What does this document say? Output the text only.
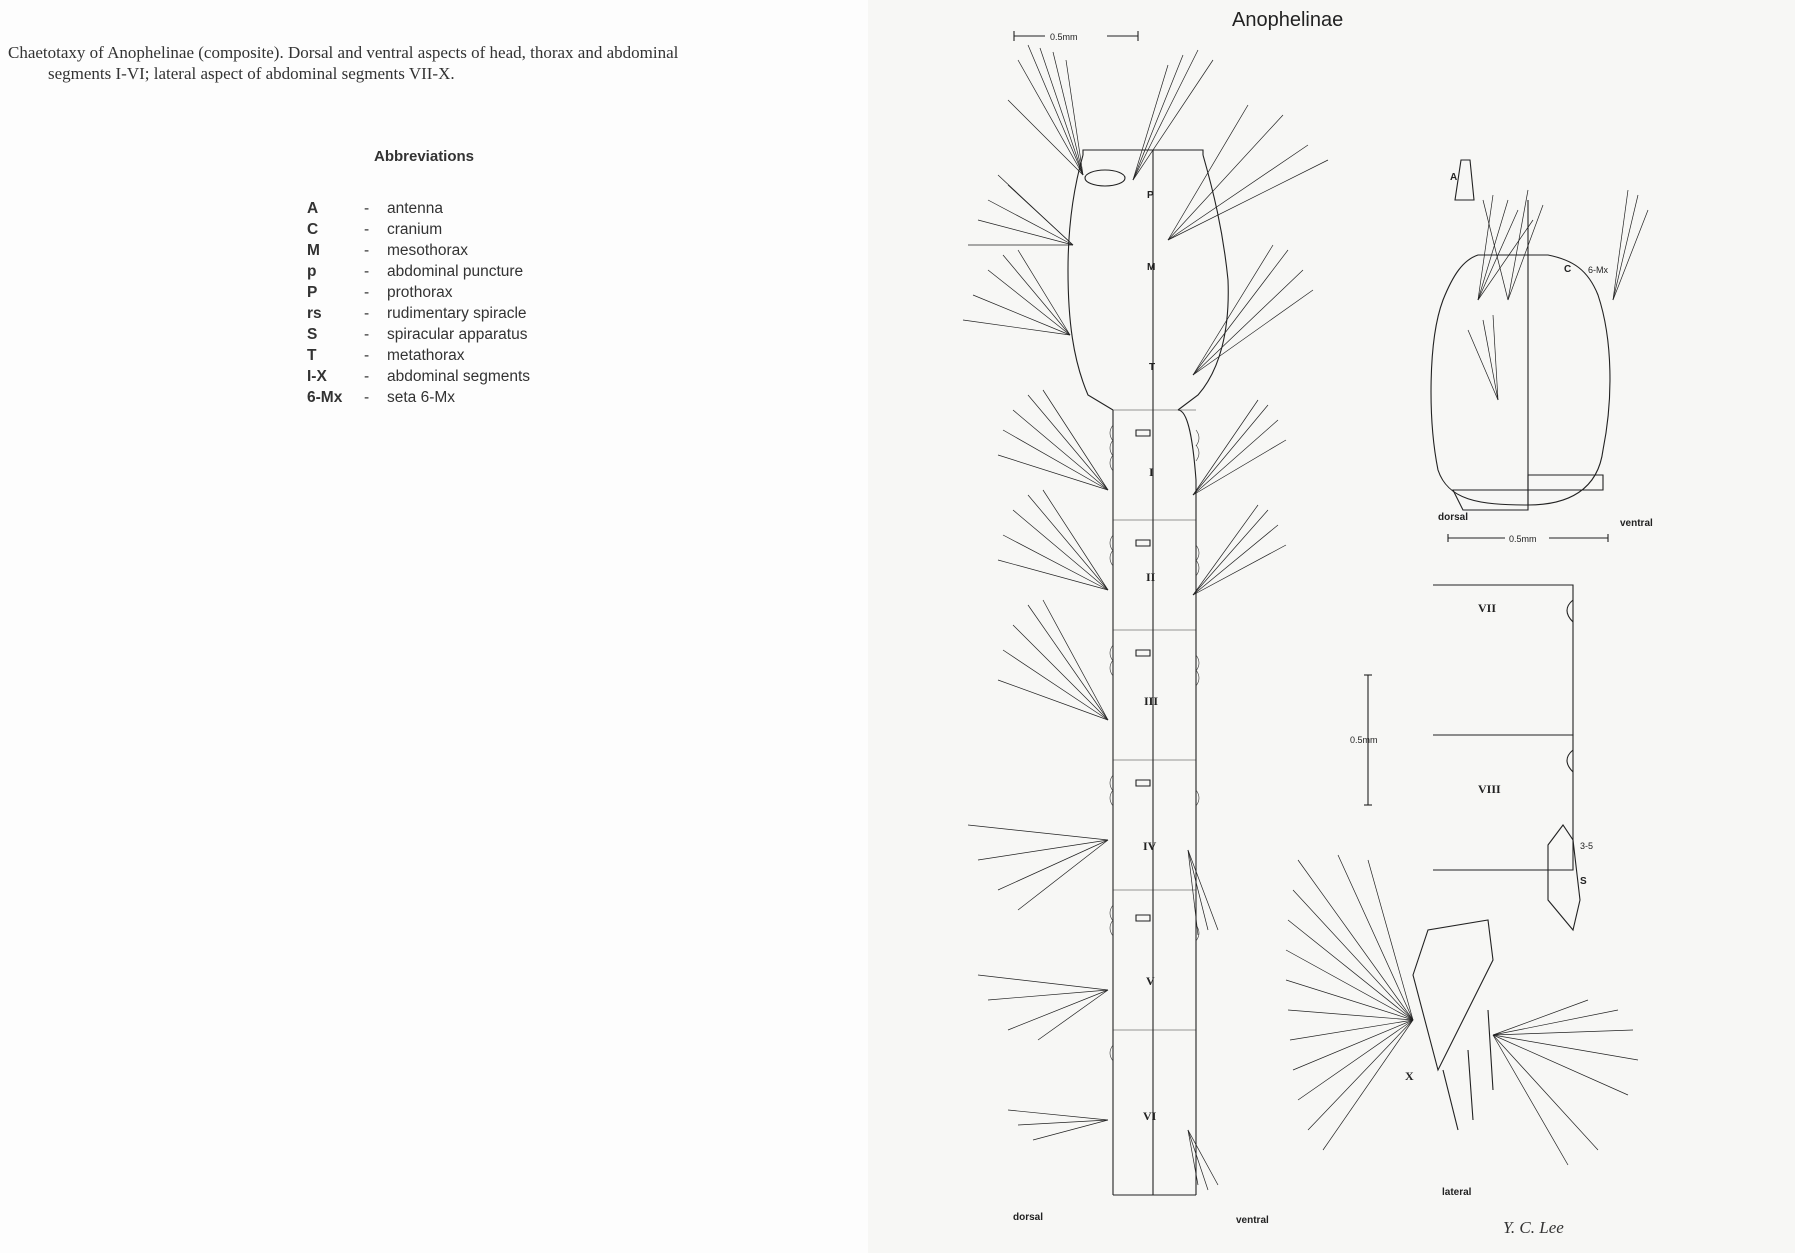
Chaetotaxy of Anophelinae (composite). Dorsal and ventral aspects of head, thorax and abdominal
segments I-VI; lateral aspect of abdominal segments VII-X.
Abbreviations
A	- antenna
C	- cranium
M	- mesothorax
p	- abdominal puncture
P	- prothorax
rs	- rudimentary spiracle
S	- spiracular apparatus
T	- metathorax
I-X	- abdominal segments
6-Mx	- seta 6-Mx
Anophelinae
0.5mm
P
M
T
I
II
III
IV
V
VI
dorsal	ventral
A
C 6-Mx
dorsal
ventral
0.5mm
VII
VIII
S
3-5
X
lateral
0.5mm
Y. C. Lee
